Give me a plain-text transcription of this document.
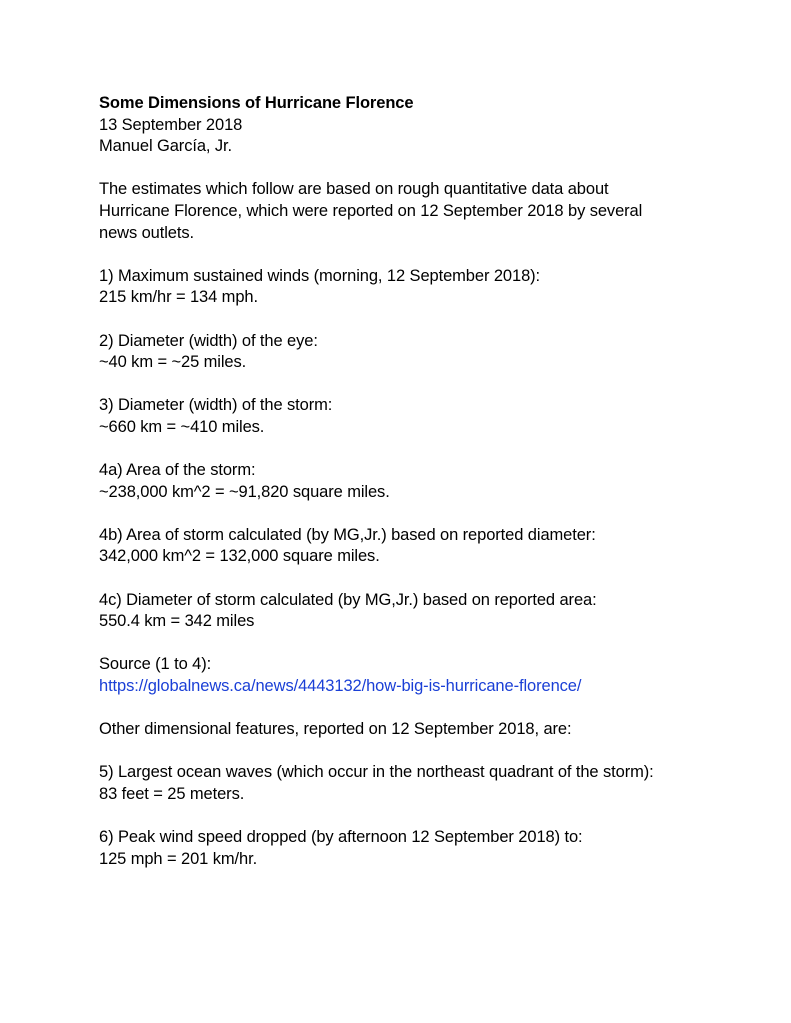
Some Dimensions of Hurricane Florence
13 September 2018
Manuel García, Jr.
The estimates which follow are based on rough quantitative data about
Hurricane Florence, which were reported on 12 September 2018 by several
news outlets.
1) Maximum sustained winds (morning, 12 September 2018):
215 km/hr = 134 mph.
2) Diameter (width) of the eye:
~40 km = ~25 miles.
3) Diameter (width) of the storm:
~660 km = ~410 miles.
4a) Area of the storm:
~238,000 km^2 = ~91,820 square miles.
4b) Area of storm calculated (by MG,Jr.) based on reported diameter:
342,000 km^2 = 132,000 square miles.
4c) Diameter of storm calculated (by MG,Jr.) based on reported area:
550.4 km = 342 miles
Source (1 to 4):
https://globalnews.ca/news/4443132/how-big-is-hurricane-florence/
Other dimensional features, reported on 12 September 2018, are:
5) Largest ocean waves (which occur in the northeast quadrant of the storm):
83 feet = 25 meters.
6) Peak wind speed dropped (by afternoon 12 September 2018) to:
125 mph = 201 km/hr.
